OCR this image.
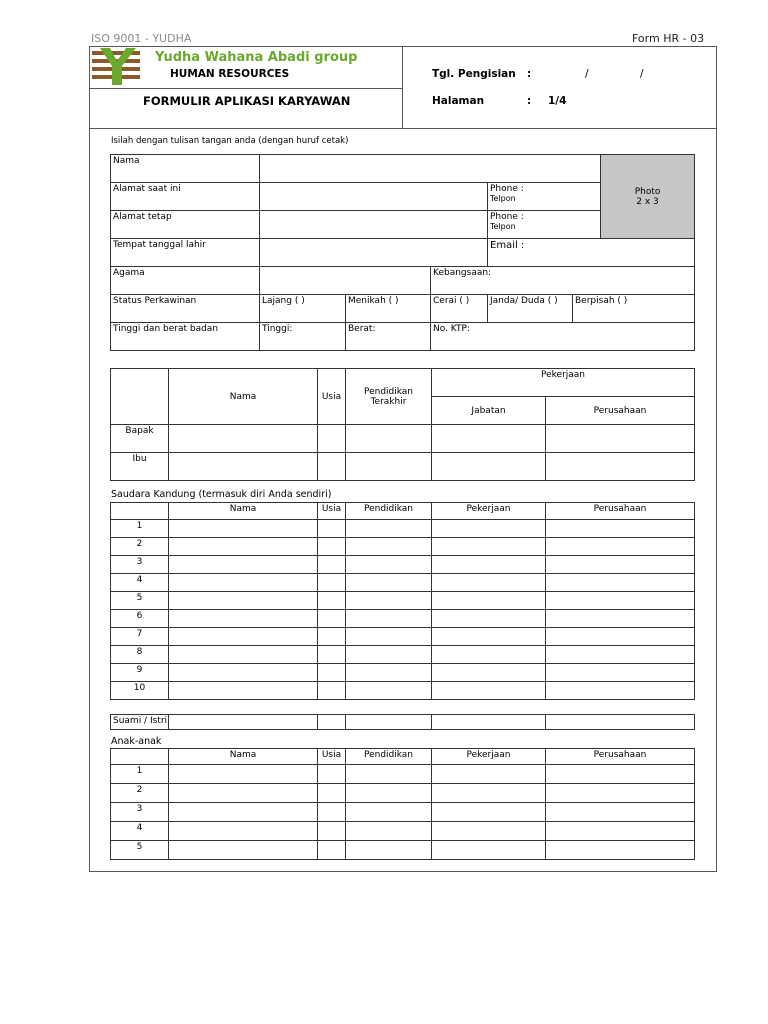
ISO 9001 - YUDHA	Form HR - 03
Yudha Wahana Abadi group
HUMAN RESOURCES
FORMULIR APLIKASI KARYAWAN
Tgl. Pengisian :	/	/
Halaman	: 1/4
Isilah dengan tulisan tangan anda (dengan huruf cetak)
Nama						Photo
2 x 3
Alamat saat ini				Phone :
Telpon		

Alamat tetap				Phone :
Telpon		

Tempat tanggal lahir				Email :		
Agama			Kebangsaan:			
Status Perkawinan	Lajang ( )	Menikah ( )	Cerai ( )	Janda/ Duda ( )	Berpisah ( )	
Tinggi dan berat badan	Tinggi:	Berat:	No. KTP:			
	Nama	Usia	Pendidikan Terakhir	Pekerjaan	
				Jabatan	Perusahaan
Bapak					
Ibu					
Saudara Kandung (termasuk diri Anda sendiri)
	Nama	Usia	Pendidikan	Pekerjaan	Perusahaan
1					
2					
3					
4					
5					
6					
7					
8					
9					
10					
Suami / Istri					
Anak-anak
	Nama	Usia	Pendidikan	Pekerjaan	Perusahaan
1					
2					
3					
4					
5					
